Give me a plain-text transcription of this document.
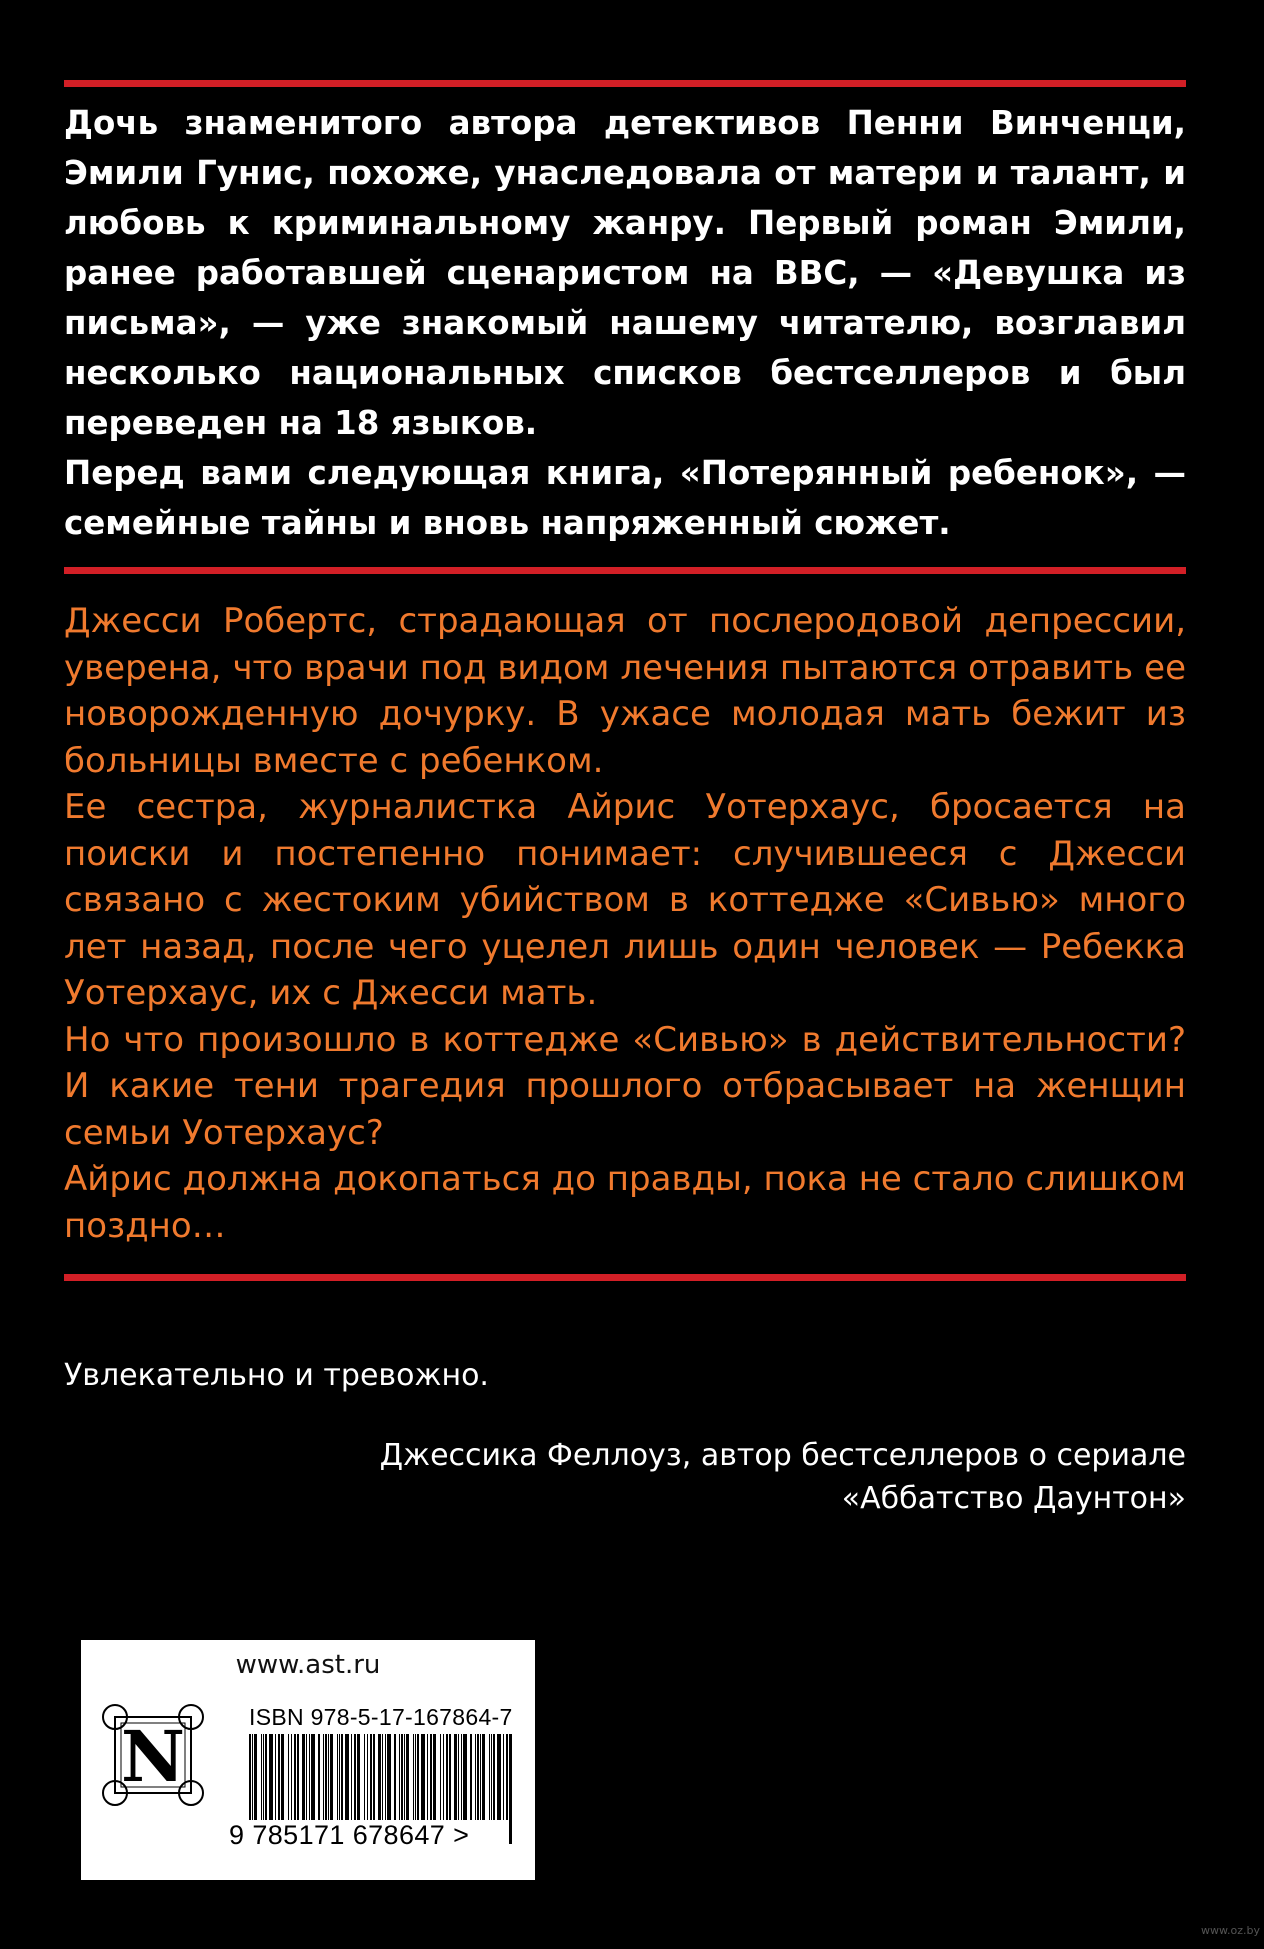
Дочь знаменитого автора детективов Пенни Винченци, Эмили Гунис, похоже, унаследовала от матери и талант, и любовь к криминальному жанру. Первый роман Эмили, ранее работавшей сценаристом на BBC, — «Девушка из письма», — уже знакомый нашему читателю, возглавил несколько национальных списков бестселлеров и был переведен на 18 языков.

Перед вами следующая книга, «Потерянный ребенок», — семейные тайны и вновь напряженный сюжет.

Джесси Робертс, страдающая от послеродовой депрессии, уверена, что врачи под видом лечения пытаются отравить ее новорожденную дочурку. В ужасе молодая мать бежит из больницы вместе с ребенком.

Ее сестра, журналистка Айрис Уотерхаус, бросается на поиски и постепенно понимает: случившееся с Джесси связано с жестоким убийством в коттедже «Сивью» много лет назад, после чего уцелел лишь один человек — Ребекка Уотерхаус, их с Джесси мать.

Но что произошло в коттедже «Сивью» в действительности? И какие тени трагедия прошлого отбрасывает на женщин семьи Уотерхаус?

Айрис должна докопаться до правды, пока не стало слишком поздно…

Увлекательно и тревожно.
Джессика Феллоуз, автор бестселлеров о сериале
«Аббатство Даунтон»
www.ast.ru
N	ISBN 978-5-17-167864-7
9 785171 678647 >
www.oz.by
